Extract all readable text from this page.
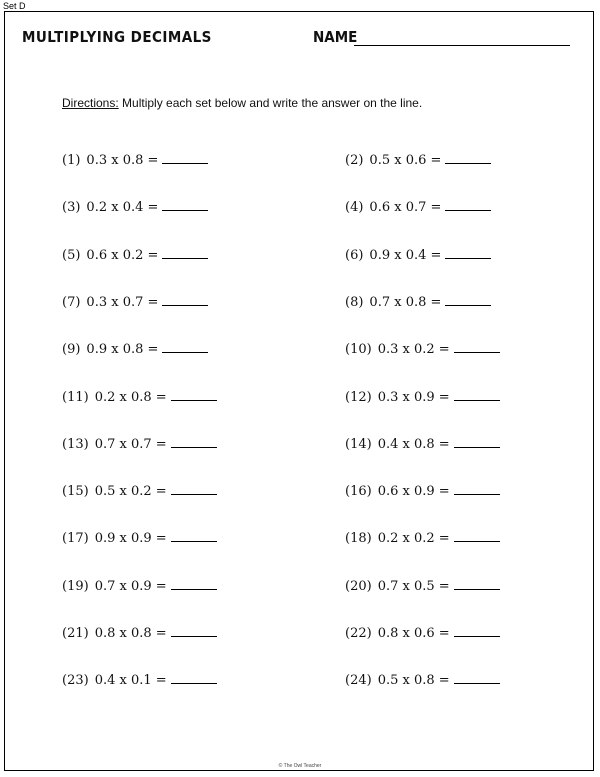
Set D
MULTIPLYING DECIMALS	NAME
Directions: Multiply each set below and write the answer on the line.
(1) 0.3 x 0.8 =	(2) 0.5 x 0.6 =
(3) 0.2 x 0.4 =	(4) 0.6 x 0.7 =
(5) 0.6 x 0.2 =	(6) 0.9 x 0.4 =
(7) 0.3 x 0.7 =	(8) 0.7 x 0.8 =
(9) 0.9 x 0.8 =	(10) 0.3 x 0.2 =
(11) 0.2 x 0.8 =	(12) 0.3 x 0.9 =
(13) 0.7 x 0.7 =	(14) 0.4 x 0.8 =
(15) 0.5 x 0.2 =	(16) 0.6 x 0.9 =
(17) 0.9 x 0.9 =	(18) 0.2 x 0.2 =
(19) 0.7 x 0.9 =	(20) 0.7 x 0.5 =
(21) 0.8 x 0.8 =	(22) 0.8 x 0.6 =
(23) 0.4 x 0.1 =	(24) 0.5 x 0.8 =
© The Owl Teacher
